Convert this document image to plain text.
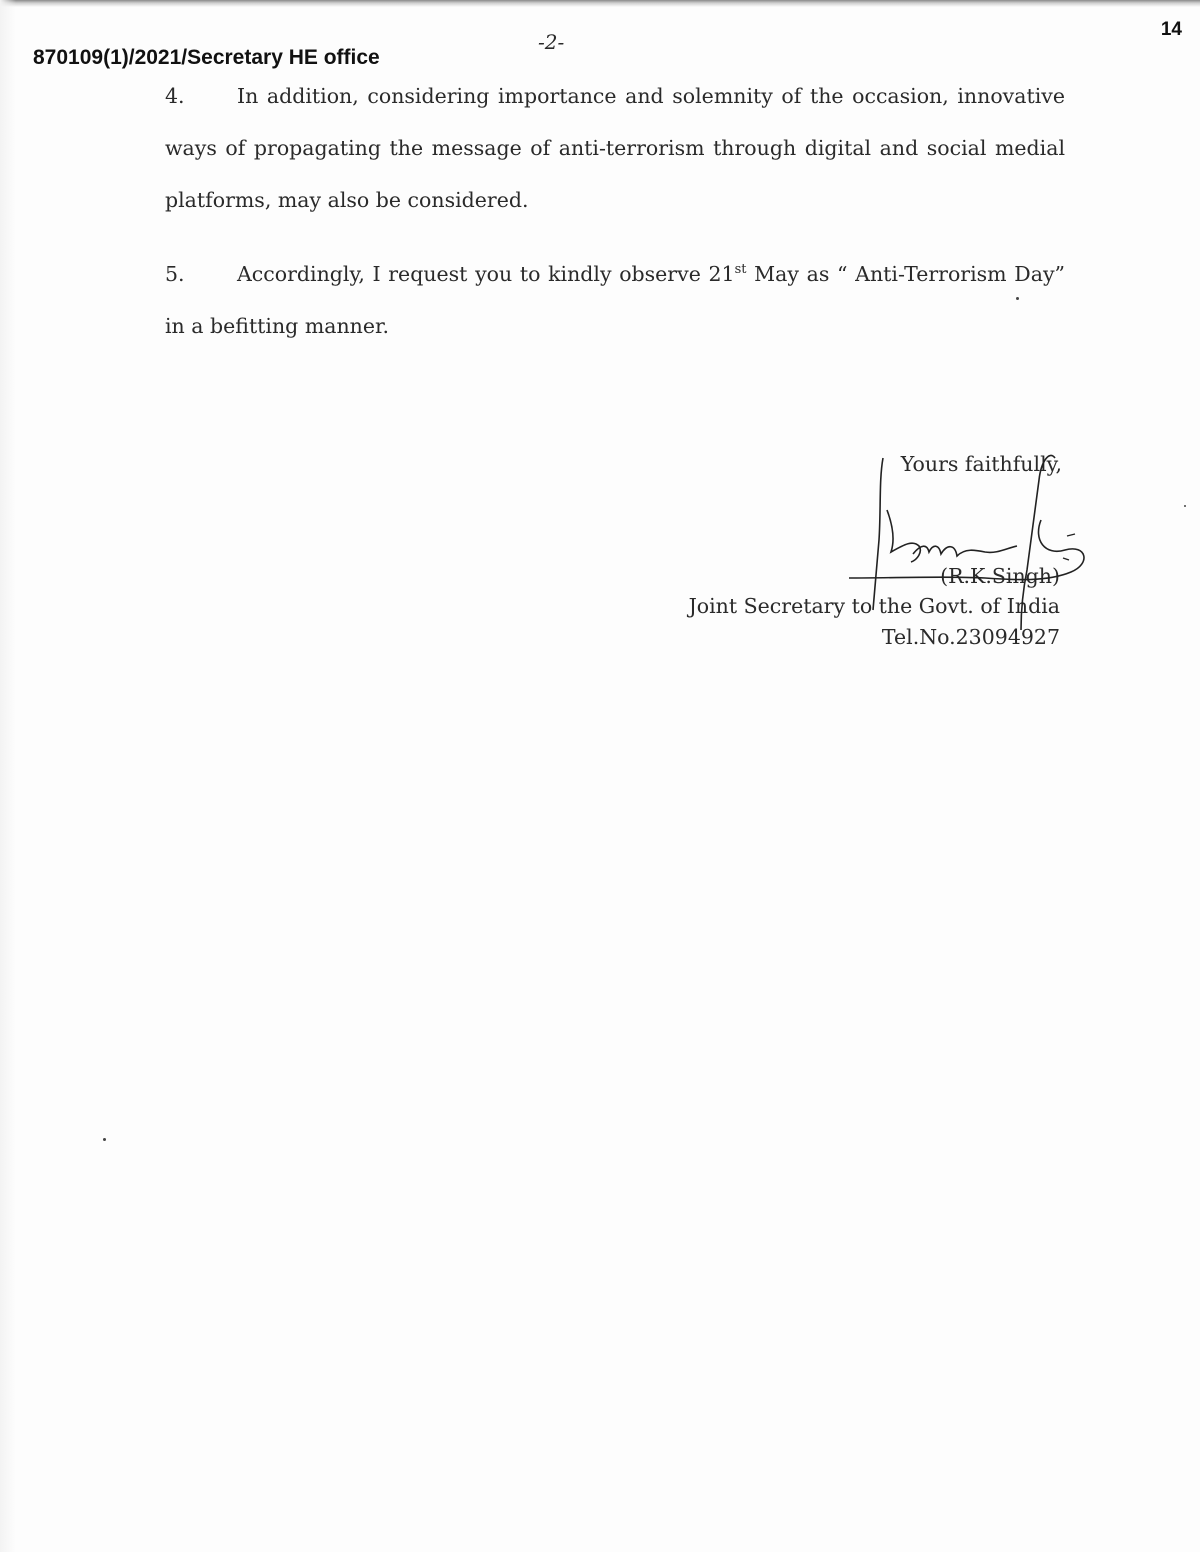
870109(1)/2021/Secretary HE office
-2-
14
4.	In addition, considering importance and solemnity of the occasion, innovative ways of propagating the message of anti-terrorism through digital and social medial platforms, may also be considered.
5.	Accordingly, I request you to kindly observe 21st May as “ Anti-Terrorism Day” in a befitting manner.
Yours faithfully,
(R.K.Singh)
Joint Secretary to the Govt. of India
Tel.No.23094927
